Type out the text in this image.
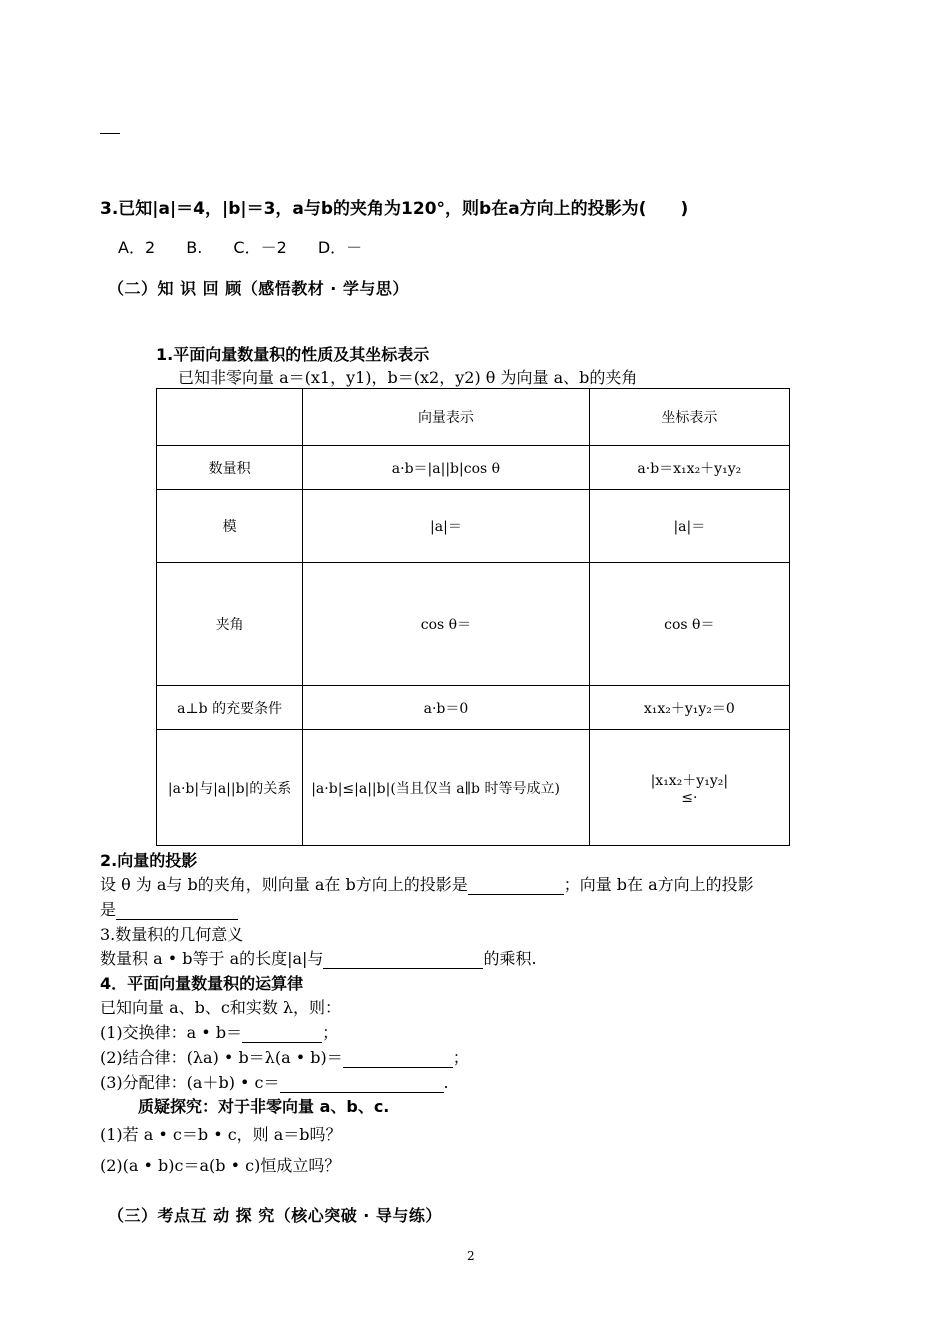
3.已知|a|＝4，|b|＝3，a与b的夹角为120°，则b在a方向上的投影为(　　)
A．2 B. C．－2 D．－
（二）知 识 回 顾（感悟教材 · 学与思）
1.平面向量数量积的性质及其坐标表示
已知非零向量 a＝(x1，y1)，b＝(x2，y2) θ 为向量 a、b的夹角
	向量表示	坐标表示
数量积	a·b＝|a||b|cos θ	a·b＝x₁x₂＋y₁y₂
模	|a|＝	|a|＝
夹角	cos θ＝	cos θ＝
a⊥b 的充要条件	a·b＝0	x₁x₂＋y₁y₂＝0
|a·b|与|a||b|的关系	|a·b|≤|a||b|(当且仅当 a∥b 时等号成立)	|x₁x₂＋y₁y₂|
≤·
2.向量的投影
设 θ 为 a与 b的夹角，则向量 a在 b方向上的投影是	；向量 b在 a方向上的投影
是
3.数量积的几何意义
数量积 a • b等于 a的长度|a|与	的乘积.
4．平面向量数量积的运算律
已知向量 a、b、c和实数 λ，则：
(1)交换律：a • b＝	；
(2)结合律：(λa) • b＝λ(a • b)＝	；
(3)分配律：(a＋b) • c＝	.
质疑探究：对于非零向量 a、b、c.
(1)若 a • c＝b • c，则 a＝b吗？
(2)(a • b)c＝a(b • c)恒成立吗？
（三）考点互 动 探 究（核心突破 · 导与练）
2
